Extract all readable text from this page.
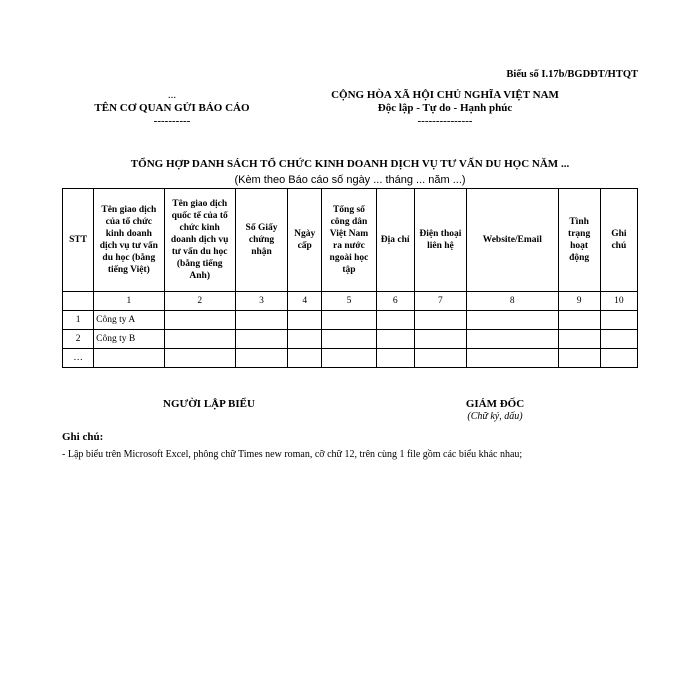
Biểu số I.17b/BGDĐT/HTQT
...
TÊN CƠ QUAN GỬI BÁO CÁO
----------
CỘNG HÒA XÃ HỘI CHỦ NGHĨA VIỆT NAM
Độc lập - Tự do - Hạnh phúc
---------------
TỔNG HỢP DANH SÁCH TỔ CHỨC KINH DOANH DỊCH VỤ TƯ VẤN DU HỌC NĂM ...
(Kèm theo Báo cáo số ngày ... tháng ... năm ...)
STT	Tên giao dịch của tổ chức kinh doanh dịch vụ tư vấn du học (bằng tiếng Việt)	Tên giao dịch quốc tế của tổ chức kinh doanh dịch vụ tư vấn du học (bằng tiếng Anh)	Số Giấy chứng nhận	Ngày cấp	Tổng số công dân Việt Nam ra nước ngoài học tập	Địa chỉ	Điện thoại liên hệ	Website/Email	Tình trạng hoạt động	Ghi chú
	1	2	3	4	5	6	7	8	9	10
1	Công ty A									
2	Công ty B									
…										
NGƯỜI LẬP BIỂU	GIÁM ĐỐC
(Chữ ký, dấu)
Ghi chú:
- Lập biểu trên Microsoft Excel, phông chữ Times new roman, cỡ chữ 12, trên cùng 1 file gồm các biểu khác nhau;
